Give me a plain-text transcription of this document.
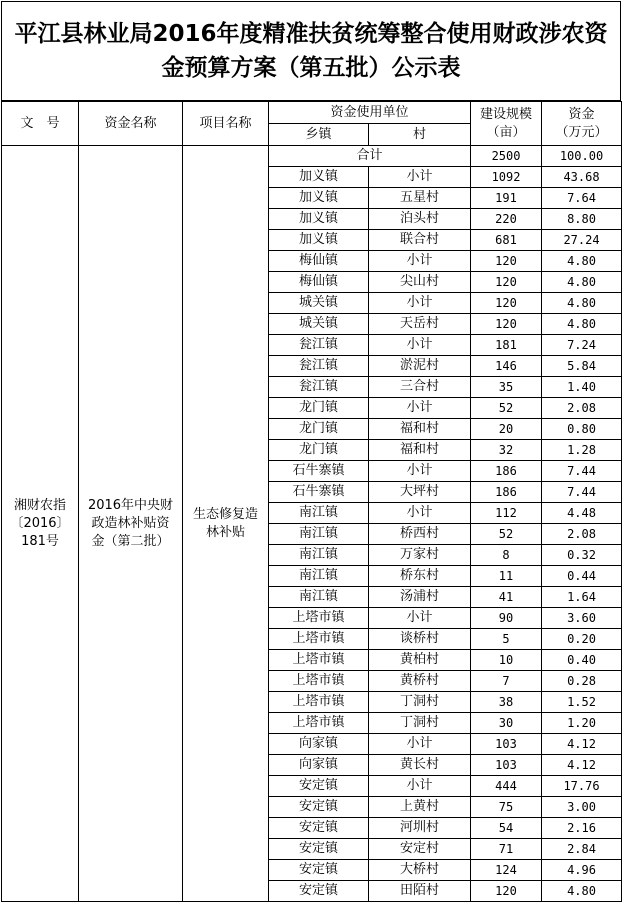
平江县林业局2016年度精准扶贫统筹整合使用财政涉农资
金预算方案（第五批）公示表
文　号	资金名称	项目名称	资金使用单位		建设规模
（亩）	资金
（万元）
			乡镇	村		
湘财农指
〔2016〕
181号	2016年中央财
政造林补贴资
金（第二批）	生态修复造
林补贴	合计		2500	100.00
			加义镇	小计	1092	43.68
			加义镇	五星村	191	7.64
			加义镇	泊头村	220	8.80
			加义镇	联合村	681	27.24
			梅仙镇	小计	120	4.80
			梅仙镇	尖山村	120	4.80
			城关镇	小计	120	4.80
			城关镇	天岳村	120	4.80
			瓮江镇	小计	181	7.24
			瓮江镇	淤泥村	146	5.84
			瓮江镇	三合村	35	1.40
			龙门镇	小计	52	2.08
			龙门镇	福和村	20	0.80
			龙门镇	福和村	32	1.28
			石牛寨镇	小计	186	7.44
			石牛寨镇	大坪村	186	7.44
			南江镇	小计	112	4.48
			南江镇	桥西村	52	2.08
			南江镇	万家村	8	0.32
			南江镇	桥东村	11	0.44
			南江镇	汤浦村	41	1.64
			上塔市镇	小计	90	3.60
			上塔市镇	谈桥村	5	0.20
			上塔市镇	黄柏村	10	0.40
			上塔市镇	黄桥村	7	0.28
			上塔市镇	丁洞村	38	1.52
			上塔市镇	丁洞村	30	1.20
			向家镇	小计	103	4.12
			向家镇	黄长村	103	4.12
			安定镇	小计	444	17.76
			安定镇	上黄村	75	3.00
			安定镇	河圳村	54	2.16
			安定镇	安定村	71	2.84
			安定镇	大桥村	124	4.96
			安定镇	田陌村	120	4.80
